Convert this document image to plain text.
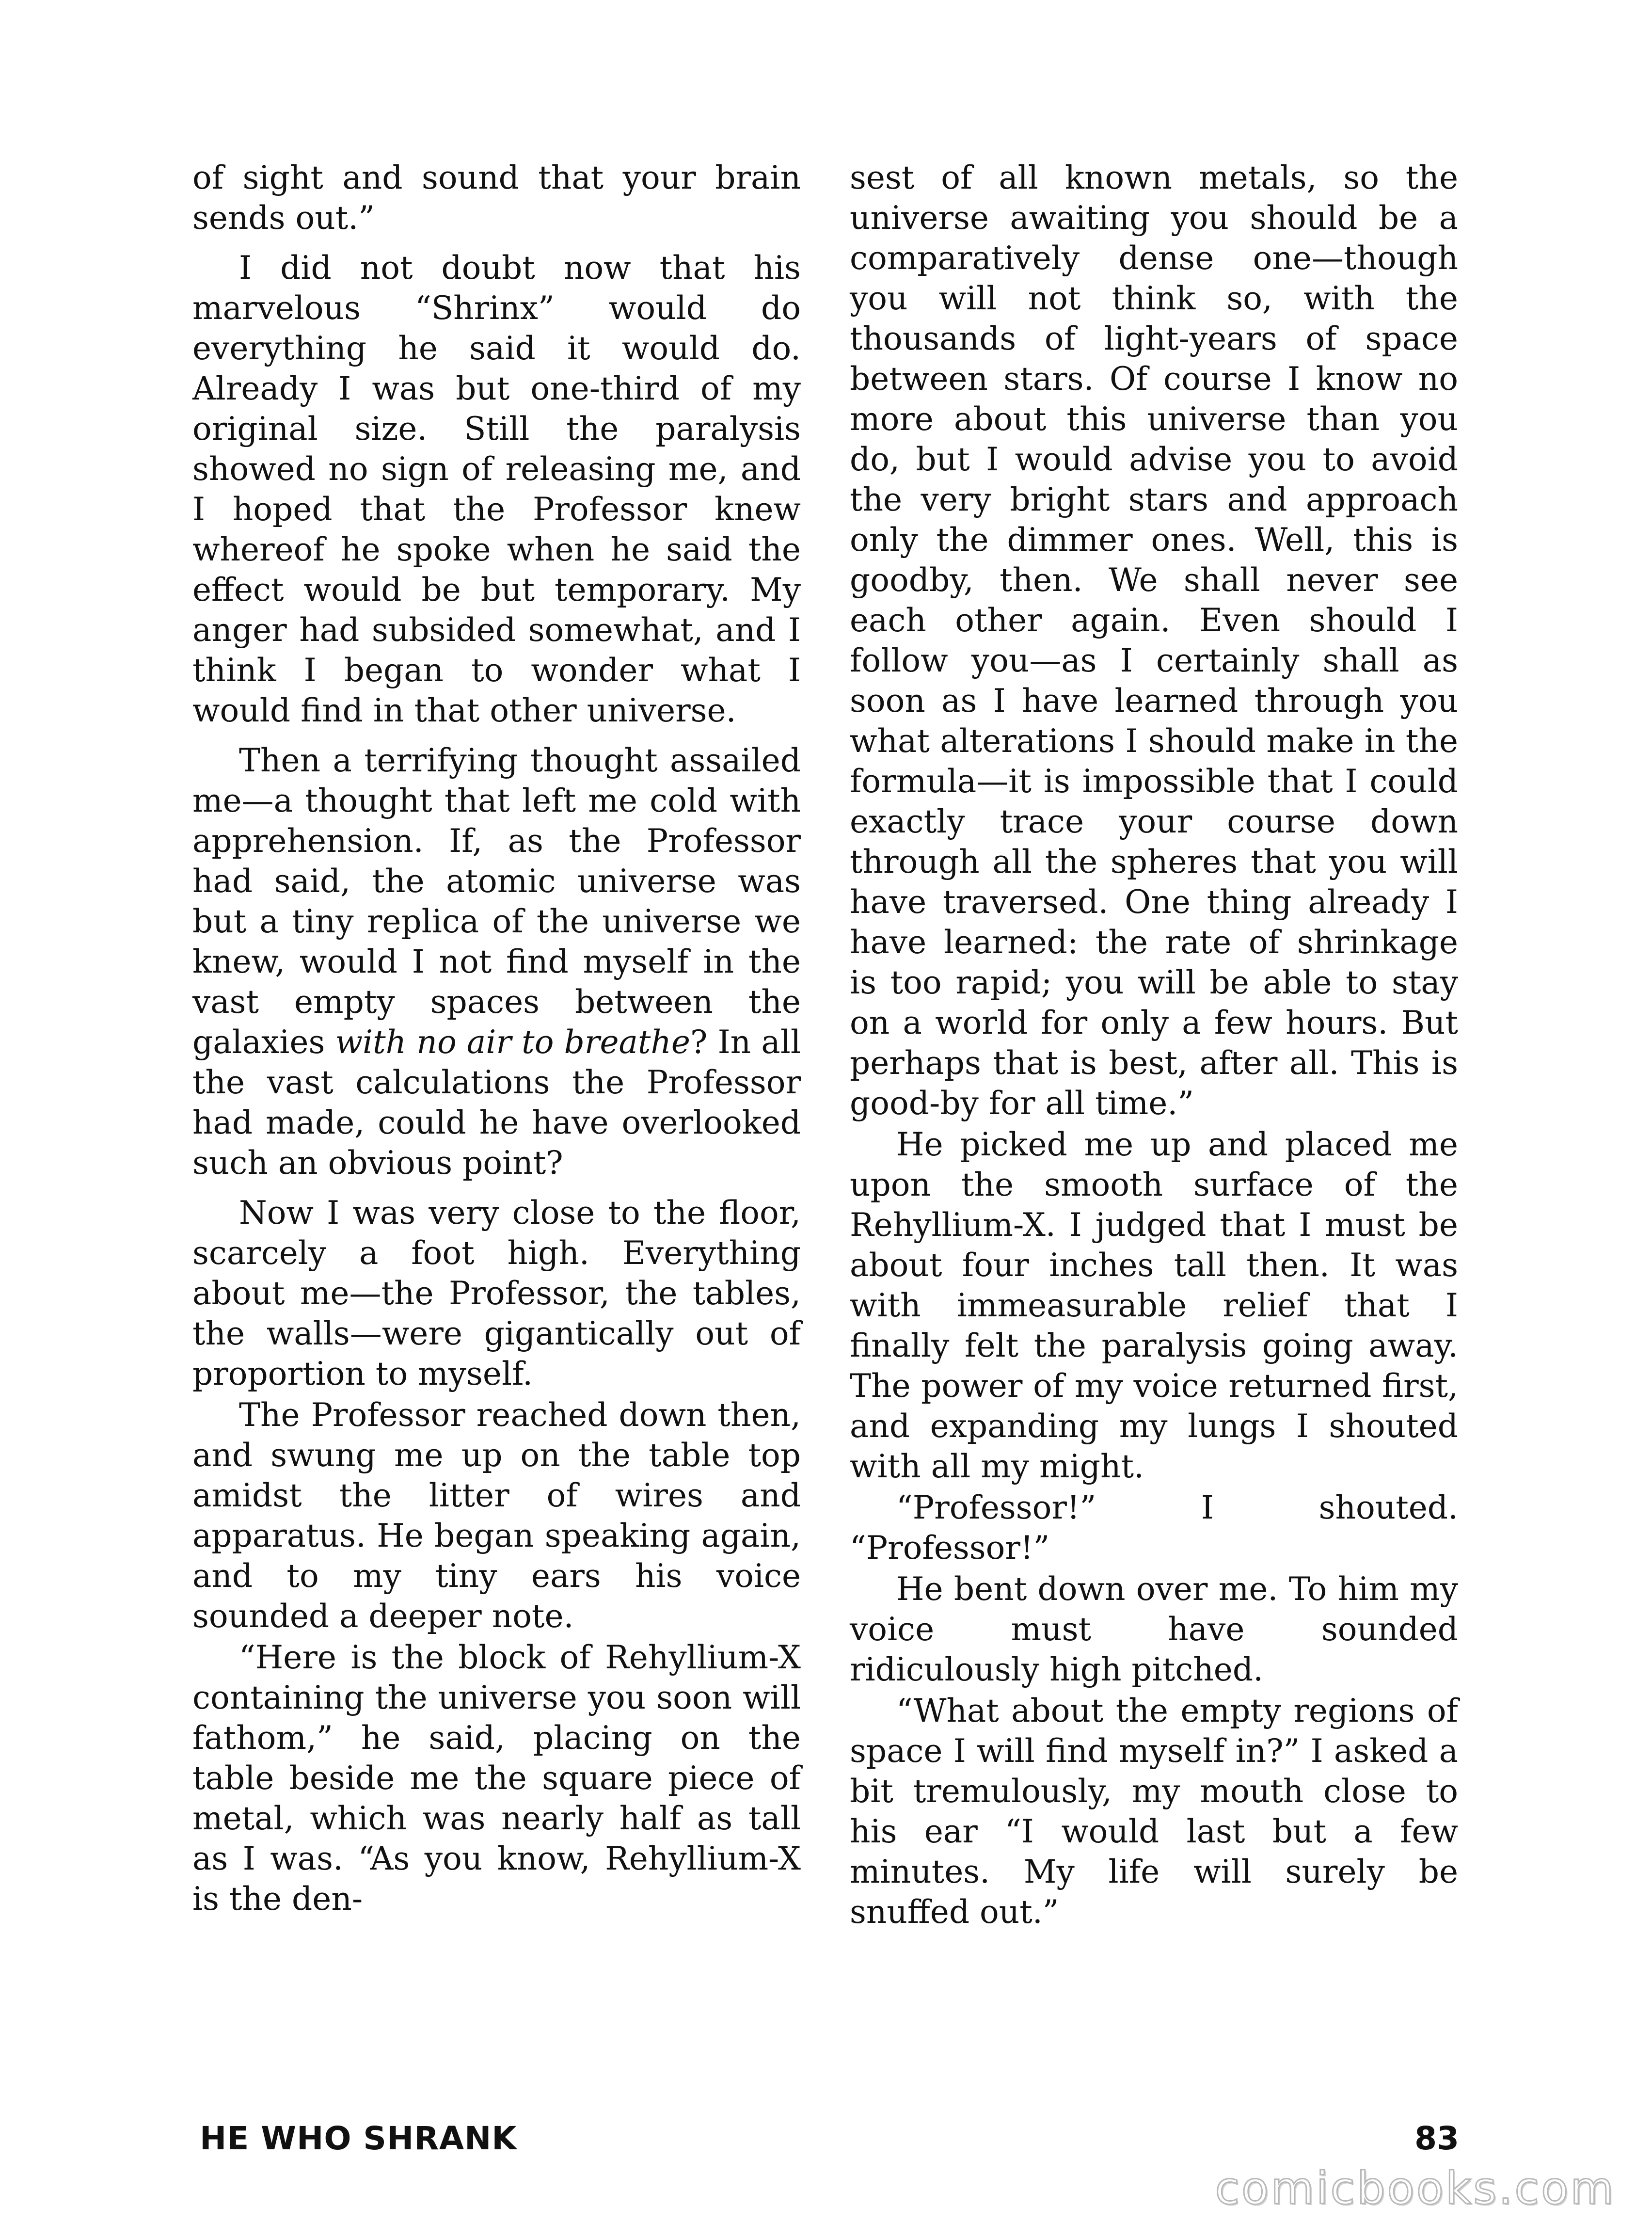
of sight and sound that your brain sends out.”

I did not doubt now that his marvelous “Shrinx” would do everything he said it would do. Already I was but one-third of my original size. Still the paralysis showed no sign of releasing me, and I hoped that the Professor knew whereof he spoke when he said the effect would be but temporary. My anger had subsided somewhat, and I think I began to wonder what I would find in that other universe.

Then a terrifying thought assailed me—a thought that left me cold with apprehension. If, as the Professor had said, the atomic universe was but a tiny replica of the universe we knew, would I not find myself in the vast empty spaces between the galaxies with no air to breathe? In all the vast calculations the Professor had made, could he have overlooked such an obvious point?

Now I was very close to the floor, scarcely a foot high. Everything about me—the Professor, the tables, the walls—were gigantically out of proportion to myself.

The Professor reached down then, and swung me up on the table top amidst the litter of wires and apparatus. He began speaking again, and to my tiny ears his voice sounded a deeper note.

“Here is the block of Rehyllium-X containing the universe you soon will fathom,” he said, placing on the table beside me the square piece of metal, which was nearly half as tall as I was. “As you know, Rehyllium-X is the den-

sest of all known metals, so the universe awaiting you should be a comparatively dense one—though you will not think so, with the thousands of light-years of space between stars. Of course I know no more about this universe than you do, but I would advise you to avoid the very bright stars and approach only the dimmer ones. Well, this is goodby, then. We shall never see each other again. Even should I follow you—as I certainly shall as soon as I have learned through you what alterations I should make in the formula—it is impossible that I could exactly trace your course down through all the spheres that you will have traversed. One thing already I have learned: the rate of shrinkage is too rapid; you will be able to stay on a world for only a few hours. But perhaps that is best, after all. This is good-by for all time.”

He picked me up and placed me upon the smooth surface of the Rehyllium-X. I judged that I must be about four inches tall then. It was with immeasurable relief that I finally felt the paralysis going away. The power of my voice returned first, and expanding my lungs I shouted with all my might.

“Professor!” I shouted. “Professor!”

He bent down over me. To him my voice must have sounded ridiculously high pitched.

“What about the empty regions of space I will find myself in?” I asked a bit tremulously, my mouth close to his ear “I would last but a few minutes. My life will surely be snuffed out.”

HE WHO SHRANK	83
comicbooks.com
